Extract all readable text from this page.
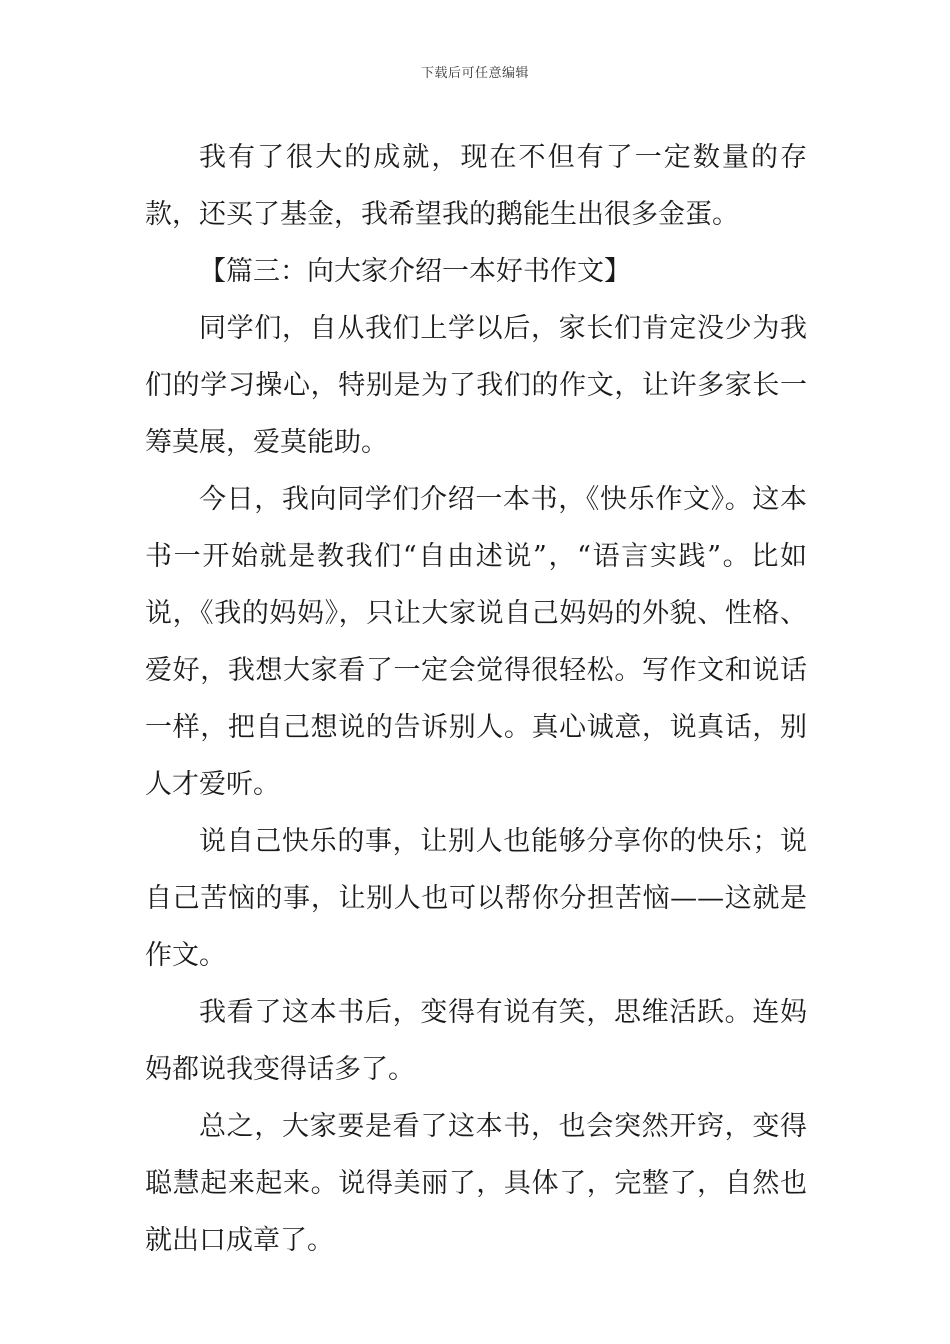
下载后可任意编辑

我有了很大的成就，现在不但有了一定数量的存款，还买了基金，我希望我的鹅能生出很多金蛋。

【篇三：向大家介绍一本好书作文】

同学们，自从我们上学以后，家长们肯定没少为我们的学习操心，特别是为了我们的作文，让许多家长一筹莫展，爱莫能助。

今日，我向同学们介绍一本书，《快乐作文》。这本书一开始就是教我们“自由述说”，“语言实践”。比如说，《我的妈妈》，只让大家说自己妈妈的外貌、性格、爱好，我想大家看了一定会觉得很轻松。写作文和说话一样，把自己想说的告诉别人。真心诚意，说真话，别人才爱听。

说自己快乐的事，让别人也能够分享你的快乐；说自己苦恼的事，让别人也可以帮你分担苦恼——这就是作文。

我看了这本书后，变得有说有笑，思维活跃。连妈妈都说我变得话多了。

总之，大家要是看了这本书，也会突然开窍，变得聪慧起来起来。说得美丽了，具体了，完整了，自然也就出口成章了。
